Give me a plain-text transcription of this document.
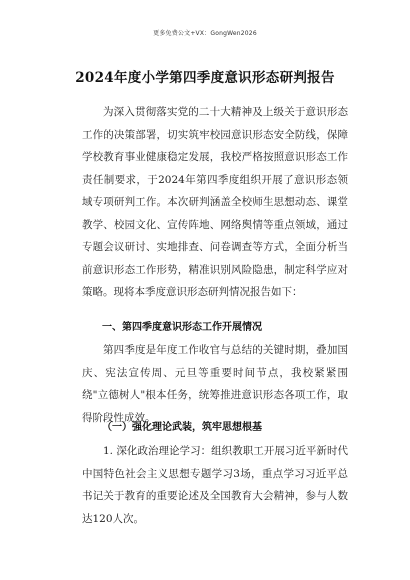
更多免费公文+VX：GongWen2026
2024年度小学第四季度意识形态研判报告

为深入贯彻落实党的二十大精神及上级关于意识形态工作的决策部署，切实筑牢校园意识形态安全防线，保障学校教育事业健康稳定发展，我校严格按照意识形态工作责任制要求，于2024年第四季度组织开展了意识形态领域专项研判工作。本次研判涵盖全校师生思想动态、课堂教学、校园文化、宣传阵地、网络舆情等重点领域，通过专题会议研讨、实地排查、问卷调查等方式，全面分析当前意识形态工作形势，精准识别风险隐患，制定科学应对策略。现将本季度意识形态研判情况报告如下：

一、第四季度意识形态工作开展情况

第四季度是年度工作收官与总结的关键时期，叠加国庆、宪法宣传周、元旦等重要时间节点，我校紧紧围绕"立德树人"根本任务，统筹推进意识形态各项工作，取得阶段性成效。

（一）强化理论武装，筑牢思想根基

1. 深化政治理论学习：组织教职工开展习近平新时代中国特色社会主义思想专题学习3场，重点学习习近平总书记关于教育的重要论述及全国教育大会精神，参与人数达120人次。
